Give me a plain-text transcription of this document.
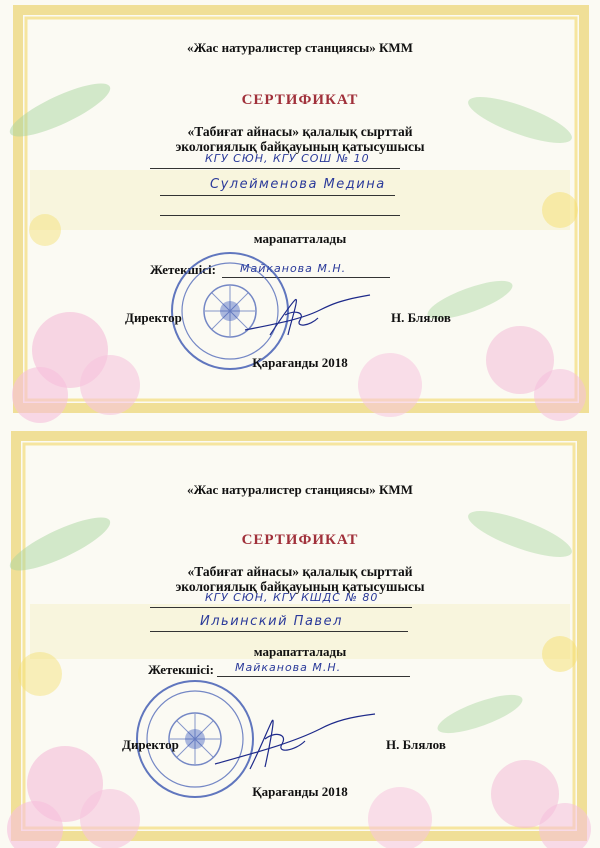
«Жас натуралистер станциясы» КММ
СЕРТИФИКАТ
«Табиғат айнасы» қалалық сырттай
экологиялық байқауының қатысушысы
КГУ СЮН, КГУ СОШ № 10
Сулейменова Медина
марапатталады
Жетекшісі: Майканова М.Н.
Директор	Н. Блялов
Қарағанды 2018
«Жас натуралистер станциясы» КММ
СЕРТИФИКАТ
«Табиғат айнасы» қалалық сырттай
экологиялық байқауының қатысушысы
КГУ СЮН, КГУ КШДС № 80
Ильинский Павел
марапатталады
Жетекшісі: Майканова М.Н.
Директор	Н. Блялов
Қарағанды 2018
